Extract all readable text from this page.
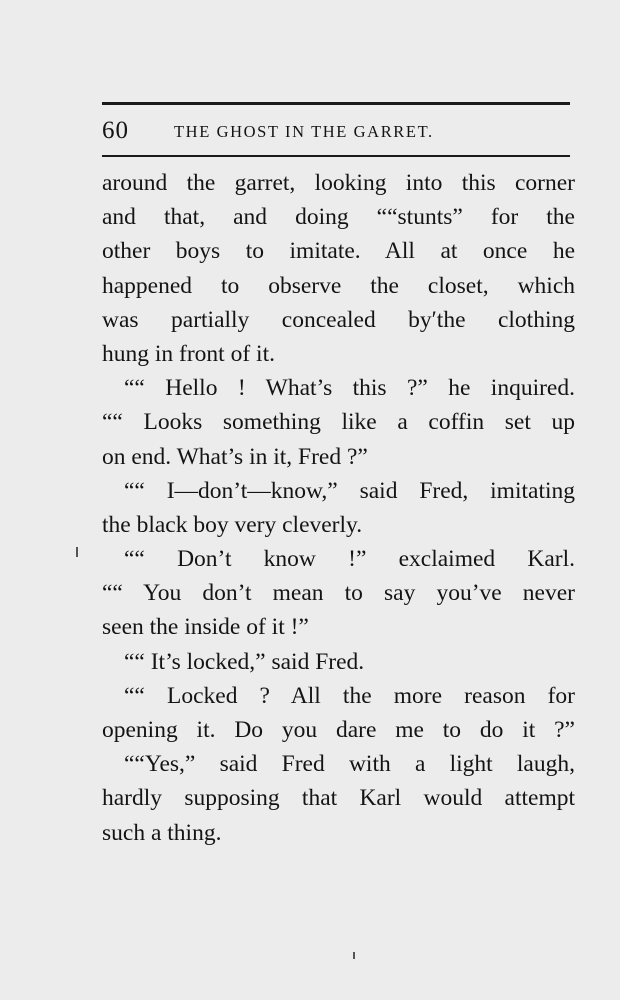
60	THE GHOST IN THE GARRET.
around the garret, looking into this corner
and that, and doing ““stunts” for the
other boys to imitate. All at once he
happened to observe the closet, which
was partially concealed by′the clothing
hung in front of it.
““ Hello ! What’s this ?” he inquired.
““ Looks something like a coffin set up
on end. What’s in it, Fred ?”
““ I—don’t—know,” said Fred, imitating
the black boy very cleverly.
““ Don’t know !” exclaimed Karl.
““ You don’t mean to say you’ve never
seen the inside of it !”
““ It’s locked,” said Fred.
““ Locked ? All the more reason for
opening it. Do you dare me to do it ?”
““Yes,” said Fred with a light laugh,
hardly supposing that Karl would attempt
such a thing.
